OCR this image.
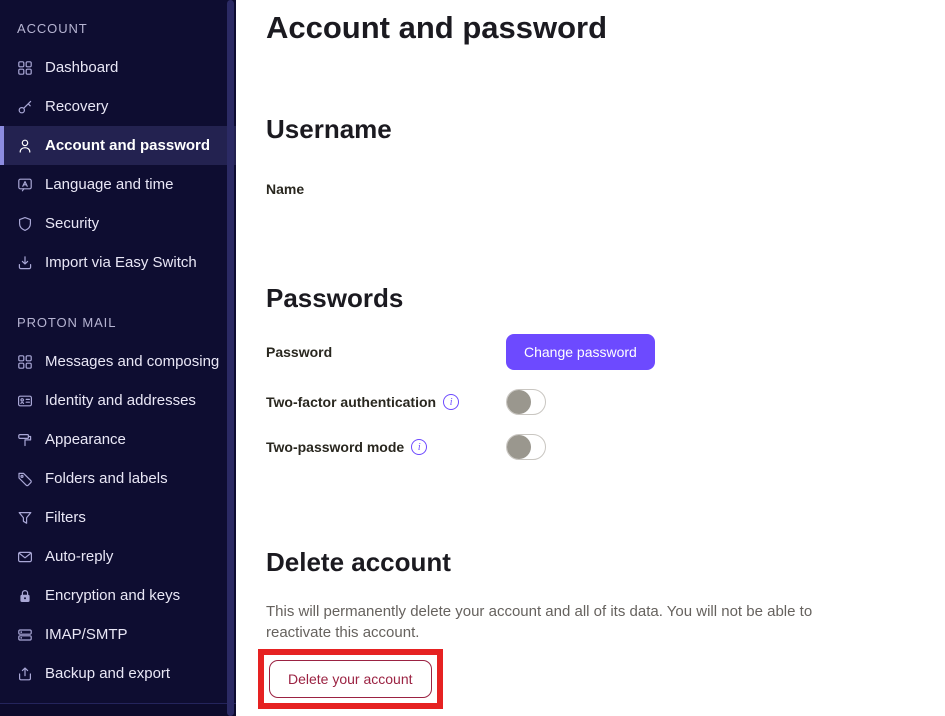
ACCOUNT
Dashboard
Recovery
Account and password
Language and time
Security
Import via Easy Switch
PROTON MAIL
Messages and composing
Identity and addresses
Appearance
Folders and labels
Filters
Auto-reply
Encryption and keys
IMAP/SMTP
Backup and export
Account and password
Username
Name
Passwords
Password	Change password
Two-factor authentication	i
Two-password mode	i
Delete account

This will permanently delete your account and all of its data. You will not be able to reactivate this account.

Delete your account
